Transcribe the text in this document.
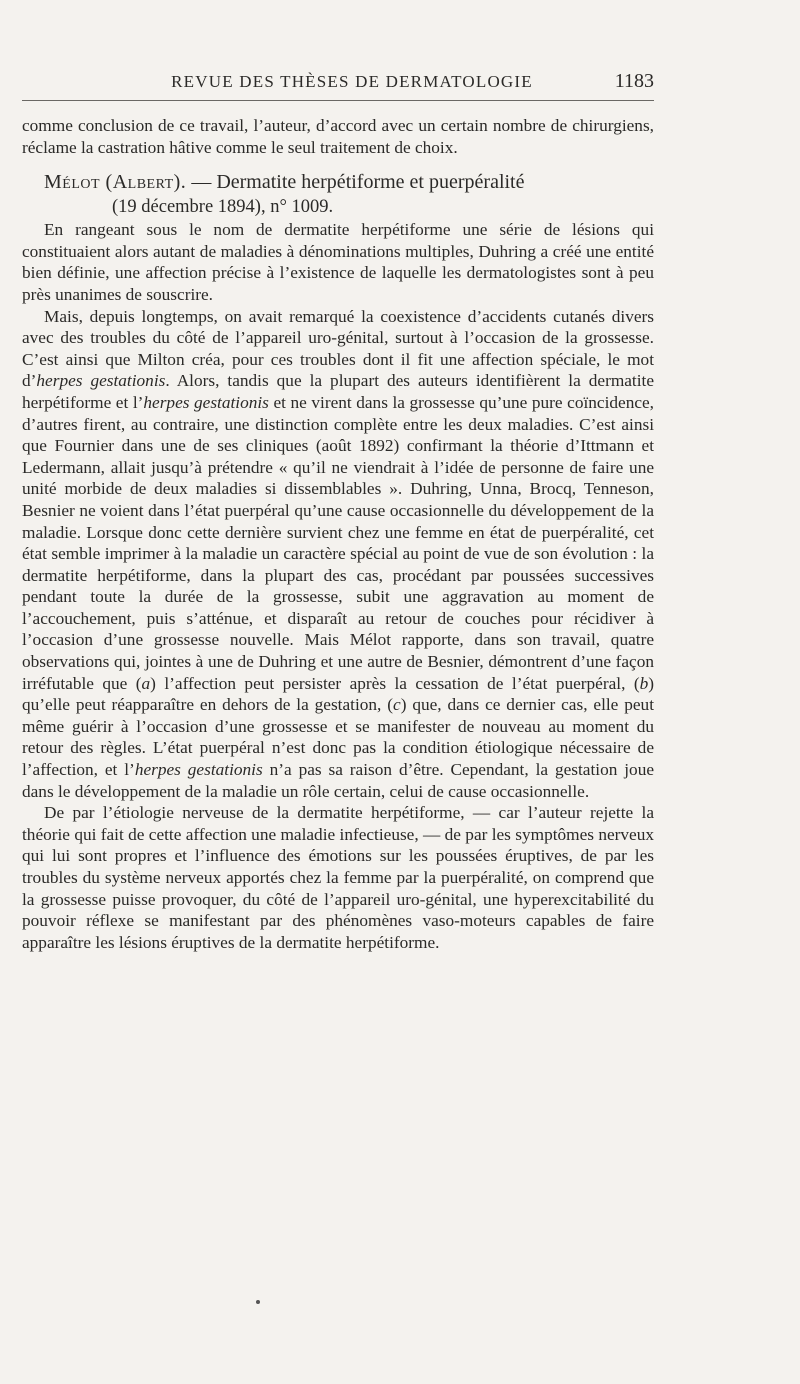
REVUE DES THÈSES DE DERMATOLOGIE	1183

comme conclusion de ce travail, l’auteur, d’accord avec un certain nombre de chirurgiens, réclame la castration hâtive comme le seul traitement de choix.

Mélot (Albert). — Dermatite herpétiforme et puerpéralité
(19 décembre 1894), n° 1009.

En rangeant sous le nom de dermatite herpétiforme une série de lésions qui constituaient alors autant de maladies à dénominations multiples, Duhring a créé une entité bien définie, une affection précise à l’existence de laquelle les dermatologistes sont à peu près unanimes de souscrire.

Mais, depuis longtemps, on avait remarqué la coexistence d’accidents cutanés divers avec des troubles du côté de l’appareil uro-génital, surtout à l’occasion de la grossesse. C’est ainsi que Milton créa, pour ces troubles dont il fit une affection spéciale, le mot d’herpes gestationis. Alors, tandis que la plupart des auteurs identifièrent la dermatite herpétiforme et l’herpes gestationis et ne virent dans la grossesse qu’une pure coïncidence, d’autres firent, au contraire, une distinction complète entre les deux maladies. C’est ainsi que Fournier dans une de ses cliniques (août 1892) confirmant la théorie d’Ittmann et Ledermann, allait jusqu’à prétendre « qu’il ne viendrait à l’idée de personne de faire une unité morbide de deux maladies si dissemblables ». Duhring, Unna, Brocq, Tenneson, Besnier ne voient dans l’état puerpéral qu’une cause occasionnelle du développement de la maladie. Lorsque donc cette dernière survient chez une femme en état de puerpéralité, cet état semble imprimer à la maladie un caractère spécial au point de vue de son évolution : la dermatite herpétiforme, dans la plupart des cas, procédant par poussées successives pendant toute la durée de la grossesse, subit une aggravation au moment de l’accouchement, puis s’atténue, et disparaît au retour de couches pour récidiver à l’occasion d’une grossesse nouvelle. Mais Mélot rapporte, dans son travail, quatre observations qui, jointes à une de Duhring et une autre de Besnier, démontrent d’une façon irréfutable que (a) l’affection peut persister après la cessation de l’état puerpéral, (b) qu’elle peut réapparaître en dehors de la gestation, (c) que, dans ce dernier cas, elle peut même guérir à l’occasion d’une grossesse et se manifester de nouveau au moment du retour des règles. L’état puerpéral n’est donc pas la condition étiologique nécessaire de l’affection, et l’herpes gestationis n’a pas sa raison d’être. Cependant, la gestation joue dans le développement de la maladie un rôle certain, celui de cause occasionnelle.

De par l’étiologie nerveuse de la dermatite herpétiforme, — car l’auteur rejette la théorie qui fait de cette affection une maladie infectieuse, — de par les symptômes nerveux qui lui sont propres et l’influence des émotions sur les poussées éruptives, de par les troubles du système nerveux apportés chez la femme par la puerpéralité, on comprend que la grossesse puisse provoquer, du côté de l’appareil uro-génital, une hyperexcitabilité du pouvoir réflexe se manifestant par des phénomènes vaso-moteurs capables de faire apparaître les lésions éruptives de la dermatite herpétiforme.
